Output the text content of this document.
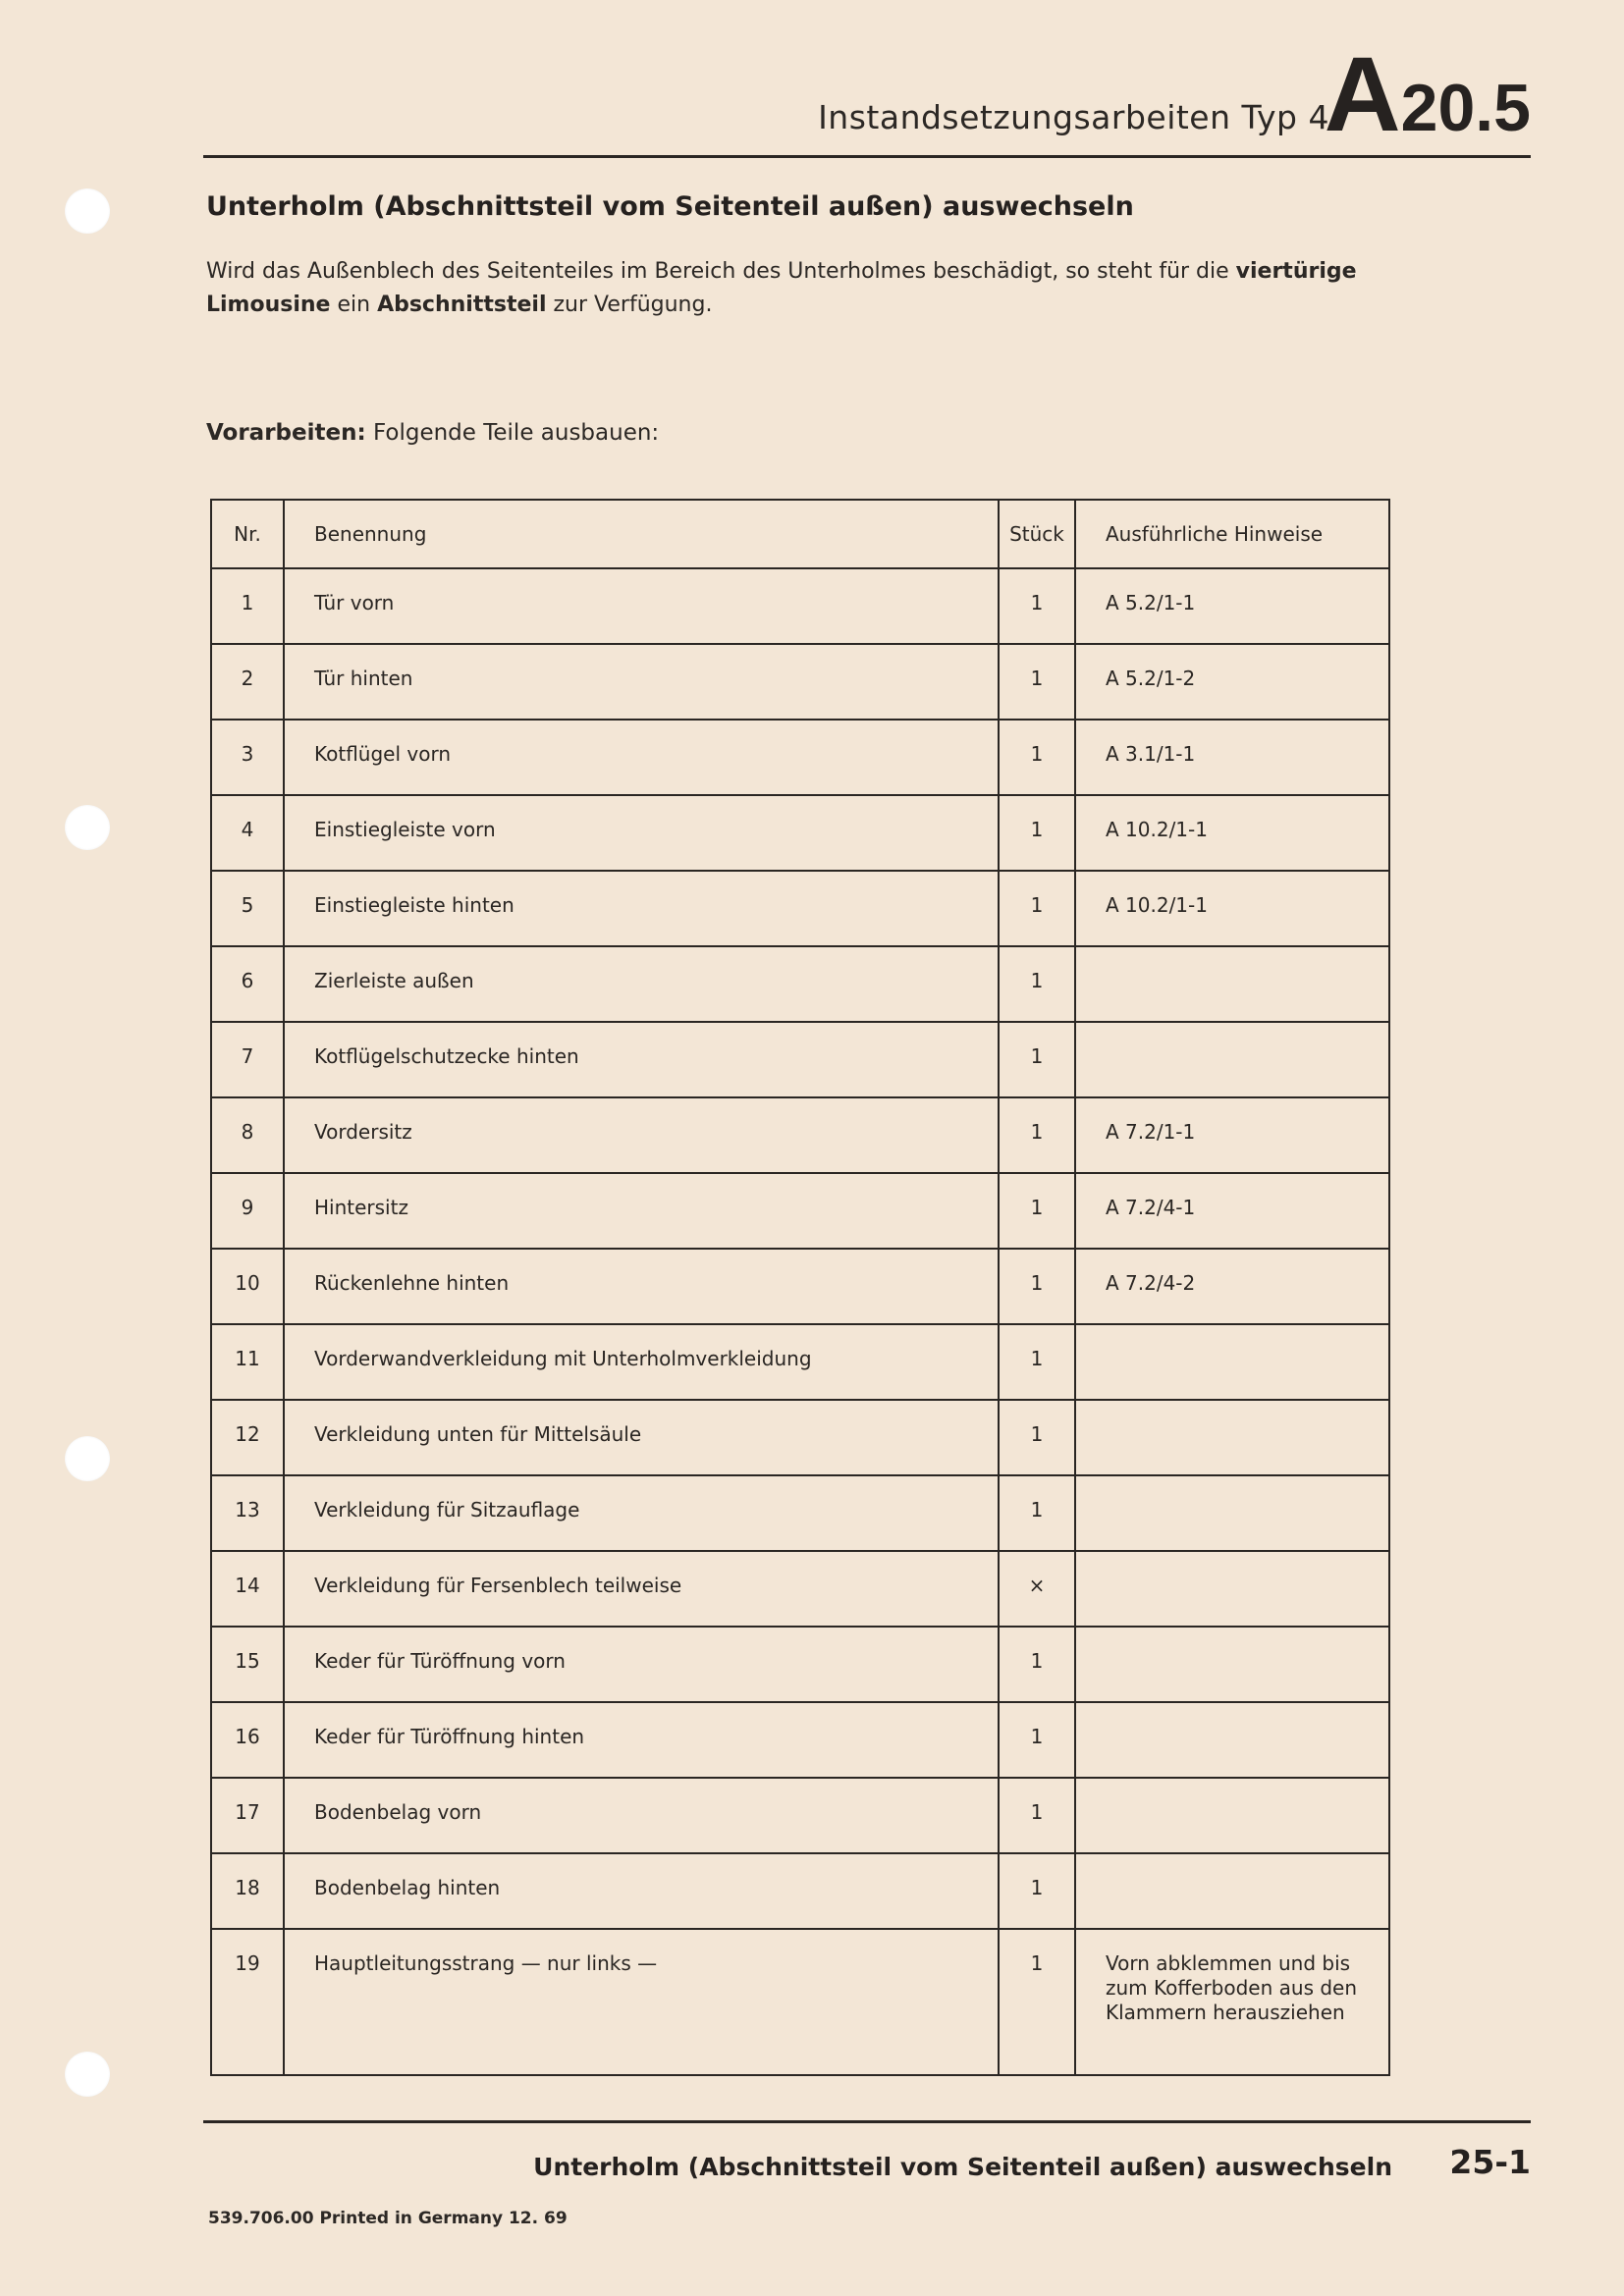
Instandsetzungsarbeiten Typ 4
A20.5
Unterholm (Abschnittsteil vom Seitenteil außen) auswechseln
Wird das Außenblech des Seitenteiles im Bereich des Unterholmes beschädigt, so steht für die viertürige Limousine ein Abschnittsteil zur Verfügung.
Vorarbeiten: Folgende Teile ausbauen:
Nr.	Benennung	Stück	Ausführliche Hinweise
1	Tür vorn	1	A 5.2/1-1
2	Tür hinten	1	A 5.2/1-2
3	Kotflügel vorn	1	A 3.1/1-1
4	Einstiegleiste vorn	1	A 10.2/1-1
5	Einstiegleiste hinten	1	A 10.2/1-1
6	Zierleiste außen	1	
7	Kotflügelschutzecke hinten	1	
8	Vordersitz	1	A 7.2/1-1
9	Hintersitz	1	A 7.2/4-1
10	Rückenlehne hinten	1	A 7.2/4-2
11	Vorderwandverkleidung mit Unterholmverkleidung	1	
12	Verkleidung unten für Mittelsäule	1	
13	Verkleidung für Sitzauflage	1	
14	Verkleidung für Fersenblech teilweise	×	
15	Keder für Türöffnung vorn	1	
16	Keder für Türöffnung hinten	1	
17	Bodenbelag vorn	1	
18	Bodenbelag hinten	1	
19	Hauptleitungsstrang — nur links —	1	Vorn abklemmen und bis
zum Kofferboden aus den
Klammern herausziehen
Unterholm (Abschnittsteil vom Seitenteil außen) auswechseln 25-1
539.706.00 Printed in Germany 12. 69
